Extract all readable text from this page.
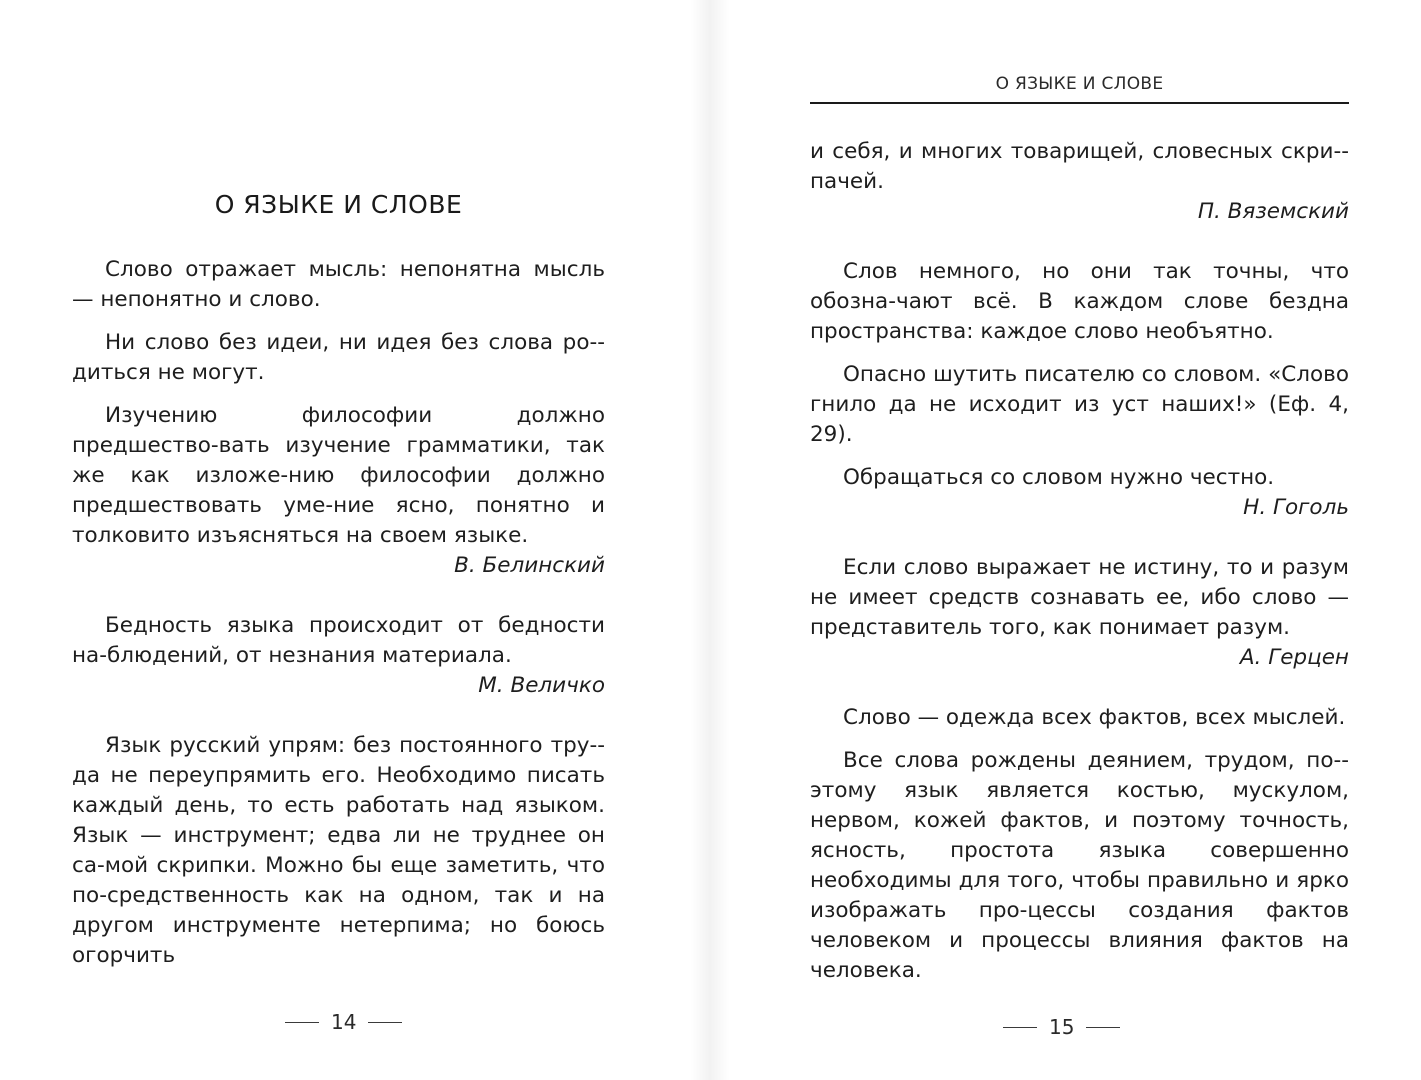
О ЯЗЫКЕ И СЛОВЕ

Слово отражает мысль: непонятна мысль — непонятно и слово.

Ни слово без идеи, ни идея без слова ро-диться не могут.

Изучению философии должно предшество-вать изучение грамматики, так же как изложе-нию философии должно предшествовать уме-ние ясно, понятно и толковито изъясняться на своем языке.

В. Белинский

Бедность языка происходит от бедности на-блюдений, от незнания материала.

М. Величко

Язык русский упрям: без постоянного тру-да не переупрямить его. Необходимо писать каждый день, то есть работать над языком. Язык — инструмент; едва ли не труднее он са-мой скрипки. Можно бы еще заметить, что по-средственность как на одном, так и на другом инструменте нетерпима; но боюсь огорчить

14
О ЯЗЫКЕ И СЛОВЕ

и себя, и многих товарищей, словесных скри-пачей.

П. Вяземский

Слов немного, но они так точны, что обозна-чают всё. В каждом слове бездна пространства: каждое слово необъятно.

Опасно шутить писателю со словом. «Слово гнило да не исходит из уст наших!» (Еф. 4, 29).

Обращаться со словом нужно честно.

Н. Гоголь

Если слово выражает не истину, то и разум не имеет средств сознавать ее, ибо слово — представитель того, как понимает разум.

А. Герцен

Слово — одежда всех фактов, всех мыслей.

Все слова рождены деянием, трудом, по-этому язык является костью, мускулом, нервом, кожей фактов, и поэтому точность, ясность, простота языка совершенно необходимы для того, чтобы правильно и ярко изображать про-цессы создания фактов человеком и процессы влияния фактов на человека.

15
